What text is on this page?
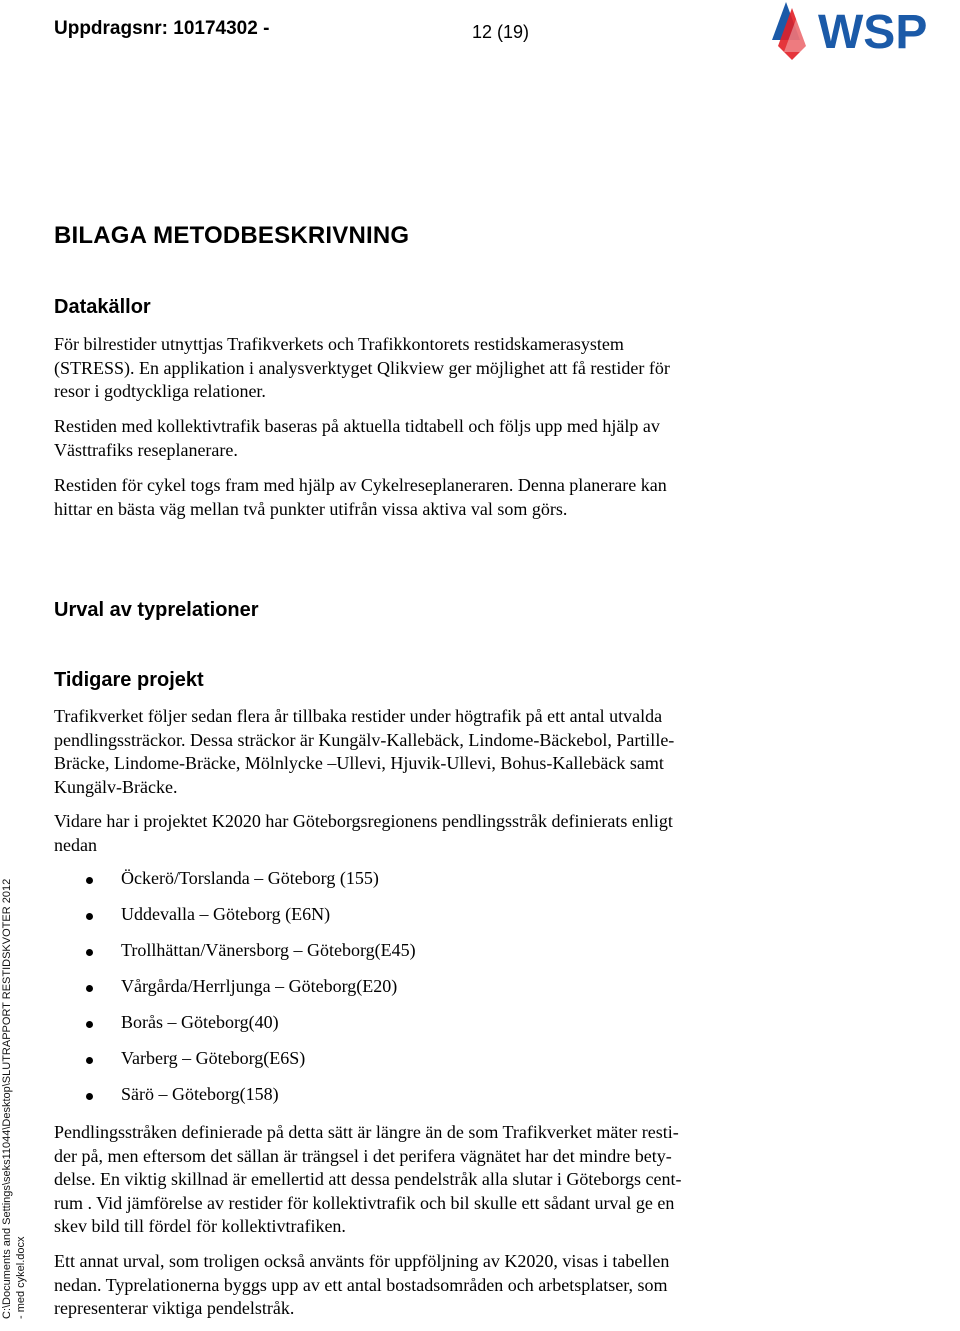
Uppdragsnr: 10174302 -	12 (19)	WSP
BILAGA METODBESKRIVNING
Datakällor
För bilrestider utnyttjas Trafikverkets och Trafikkontorets restidskamerasystem
(STRESS). En applikation i analysverktyget Qlikview ger möjlighet att få restider för
resor i godtyckliga relationer.
Restiden med kollektivtrafik baseras på aktuella tidtabell och följs upp med hjälp av
Västtrafiks reseplanerare.
Restiden för cykel togs fram med hjälp av Cykelreseplaneraren. Denna planerare kan
hittar en bästa väg mellan två punkter utifrån vissa aktiva val som görs.
Urval av typrelationer
Tidigare projekt
Trafikverket följer sedan flera år tillbaka restider under högtrafik på ett antal utvalda
pendlingssträckor. Dessa sträckor är Kungälv-Kallebäck, Lindome-Bäckebol, Partille-
Bräcke, Lindome-Bräcke, Mölnlycke –Ullevi, Hjuvik-Ullevi, Bohus-Kallebäck samt
Kungälv-Bräcke.
Vidare har i projektet K2020 har Göteborgsregionens pendlingsstråk definierats enligt
nedan
Öckerö/Torslanda – Göteborg (155)
Uddevalla – Göteborg (E6N)
Trollhättan/Vänersborg – Göteborg(E45)
Vårgårda/Herrljunga – Göteborg(E20)
Borås – Göteborg(40)
Varberg – Göteborg(E6S)
Särö – Göteborg(158)
Pendlingsstråken definierade på detta sätt är längre än de som Trafikverket mäter resti-
der på, men eftersom det sällan är trängsel i det perifera vägnätet har det mindre bety-
delse. En viktig skillnad är emellertid att dessa pendelstråk alla slutar i Göteborgs cent-
rum . Vid jämförelse av restider för kollektivtrafik och bil skulle ett sådant urval ge en
skev bild till fördel för kollektivtrafiken.
Ett annat urval, som troligen också använts för uppföljning av K2020, visas i tabellen
nedan. Typrelationerna byggs upp av ett antal bostadsområden och arbetsplatser, som
representerar viktiga pendelstråk.
C:\Documents and Settings\seks11044\Desktop\SLUTRAPPORT RESTIDSKVOTER 2012 - med cykel.docx
